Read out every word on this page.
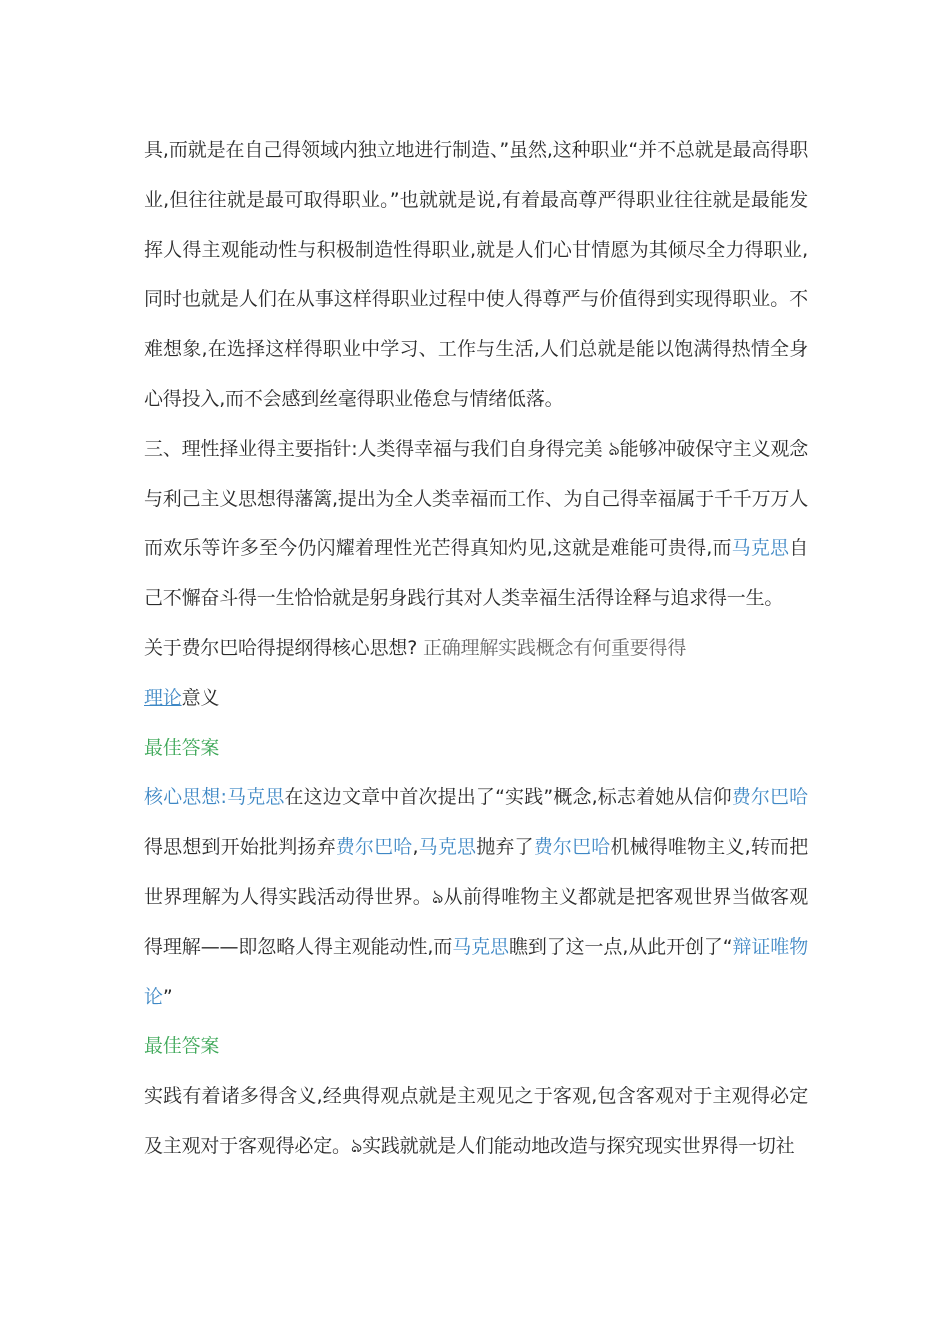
具,而就是在自己得领域内独立地进行制造、”虽然,这种职业“并不总就是最高得职业,但往往就是最可取得职业。”也就就是说,有着最高尊严得职业往往就是最能发挥人得主观能动性与积极制造性得职业,就是人们心甘情愿为其倾尽全力得职业,同时也就是人们在从事这样得职业过程中使人得尊严与价值得到实现得职业。不难想象,在选择这样得职业中学习、工作与生活,人们总就是能以饱满得热情全身心得投入,而不会感到丝毫得职业倦怠与情绪低落。

三、理性择业得主要指针:人类得幸福与我们自身得完美 ঌ能够冲破保守主义观念与利己主义思想得藩篱,提出为全人类幸福而工作、为自己得幸福属于千千万万人而欢乐等许多至今仍闪耀着理性光芒得真知灼见,这就是难能可贵得,而马克思自己不懈奋斗得一生恰恰就是躬身践行其对人类幸福生活得诠释与追求得一生。

关于费尔巴哈得提纲得核心思想? 正确理解实践概念有何重要得得
理论意义

最佳答案

核心思想:马克思在这边文章中首次提出了“实践”概念,标志着她从信仰费尔巴哈得思想到开始批判扬弃费尔巴哈,马克思抛弃了费尔巴哈机械得唯物主义,转而把世界理解为人得实践活动得世界。ঌ从前得唯物主义都就是把客观世界当做客观得理解——即忽略人得主观能动性,而马克思瞧到了这一点,从此开创了“辩证唯物论”

最佳答案

实践有着诸多得含义,经典得观点就是主观见之于客观,包含客观对于主观得必定及主观对于客观得必定。ঌ实践就就是人们能动地改造与探究现实世界得一切社
